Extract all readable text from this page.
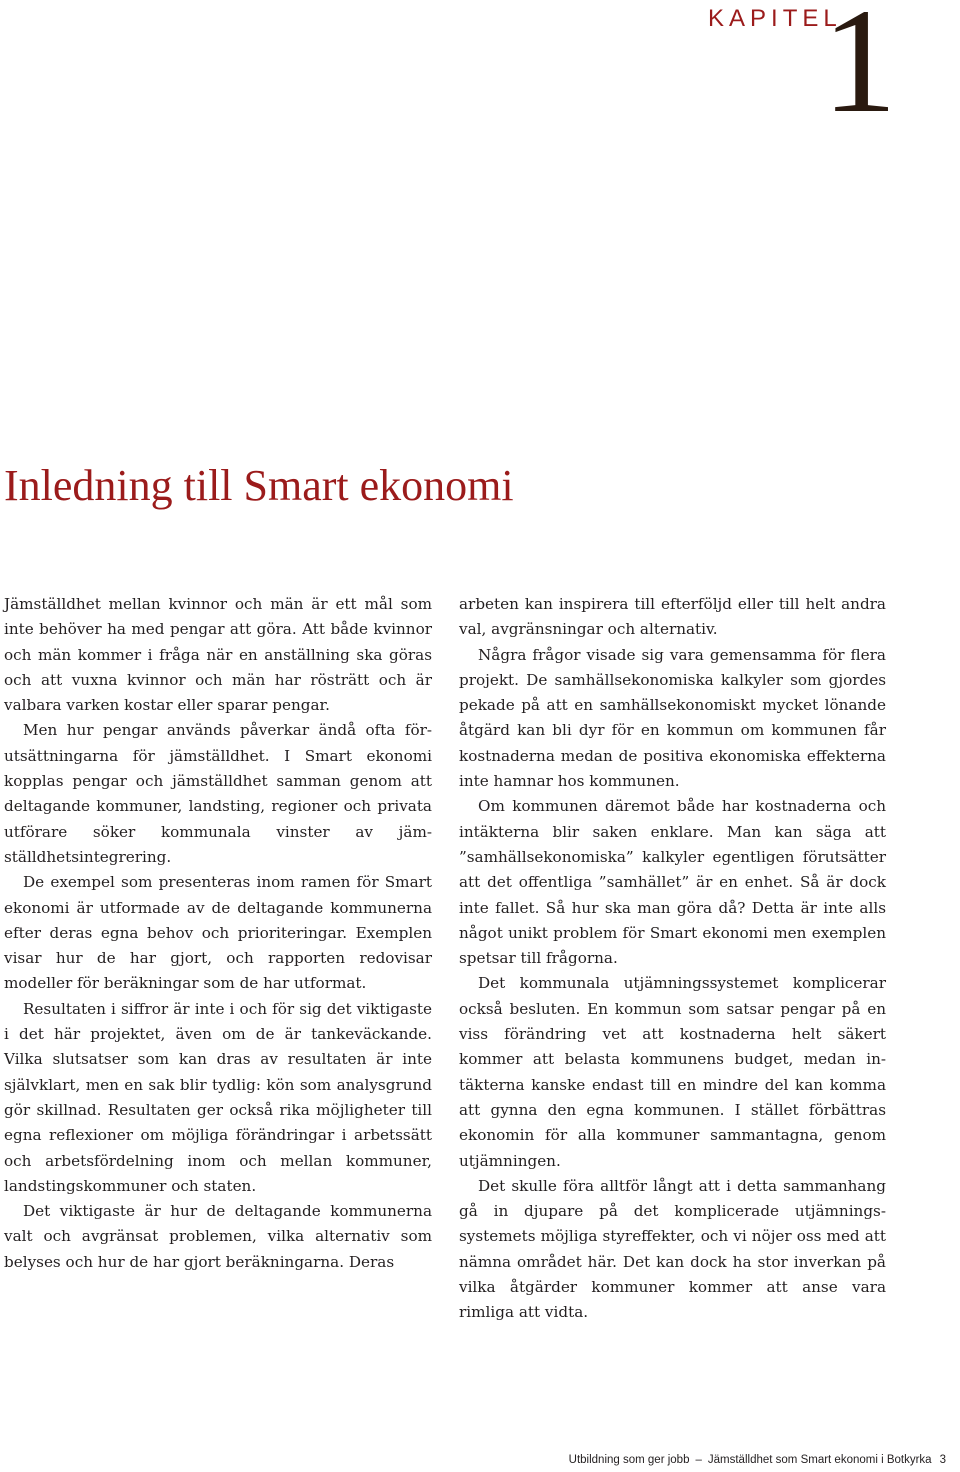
KAPITEL
1
Inledning till Smart ekonomi

Jämställdhet mellan kvinnor och män är ett mål som inte behöver ha med pengar att göra. Att både kvinnor och män kommer i fråga när en anställning ska göras och att vuxna kvinnor och män har rösträtt och är valbara varken kostar eller sparar pengar.

Men hur pengar används påverkar ändå ofta förutsättningarna för jämställdhet. I Smart ekonomi kopplas pengar och jämställdhet samman genom att deltagande kommuner, landsting, regioner och privata utförare söker kommunala vinster av jämställdhetsintegrering.

De exempel som presenteras inom ramen för Smart ekonomi är utformade av de deltagande kommunerna efter deras egna behov och prioriteringar. Exemplen visar hur de har gjort, och rapporten redovisar modeller för beräkningar som de har utformat.

Resultaten i siffror är inte i och för sig det viktigaste i det här projektet, även om de är tankeväckande. Vilka slutsatser som kan dras av resultaten är inte självklart, men en sak blir tydlig: kön som analysgrund gör skillnad. Resultaten ger också rika möjligheter till egna reflexioner om möjliga förändringar i arbetssätt och arbetsfördelning inom och mellan kommuner, landstingskommuner och staten.

Det viktigaste är hur de deltagande kommunerna valt och avgränsat problemen, vilka alternativ som belyses och hur de har gjort beräkningarna. Deras

arbeten kan inspirera till efterföljd eller till helt andra val, avgränsningar och alternativ.

Några frågor visade sig vara gemensamma för flera projekt. De samhällsekonomiska kalkyler som gjordes pekade på att en samhällsekonomiskt mycket lönande åtgärd kan bli dyr för en kommun om kommunen får kostnaderna medan de positiva ekonomiska effekterna inte hamnar hos kommunen.

Om kommunen däremot både har kostnaderna och intäkterna blir saken enklare. Man kan säga att ”samhällsekonomiska” kalkyler egentligen förutsätter att det offentliga ”samhället” är en enhet. Så är dock inte fallet. Så hur ska man göra då? Detta är inte alls något unikt problem för Smart ekonomi men exemplen spetsar till frågorna.

Det kommunala utjämningssystemet komplicerar också besluten. En kommun som satsar pengar på en viss förändring vet att kostnaderna helt säkert kommer att belasta kommunens budget, medan intäkterna kanske endast till en mindre del kan komma att gynna den egna kommunen. I stället förbättras ekonomin för alla kommuner sammantagna, genom utjämningen.

Det skulle föra alltför långt att i detta sammanhang gå in djupare på det komplicerade utjämningssystemets möjliga styreffekter, och vi nöjer oss med att nämna området här. Det kan dock ha stor inverkan på vilka åtgärder kommuner kommer att anse vara rimliga att vidta.

Utbildning som ger jobb – Jämställdhet som Smart ekonomi i Botkyrka 3
